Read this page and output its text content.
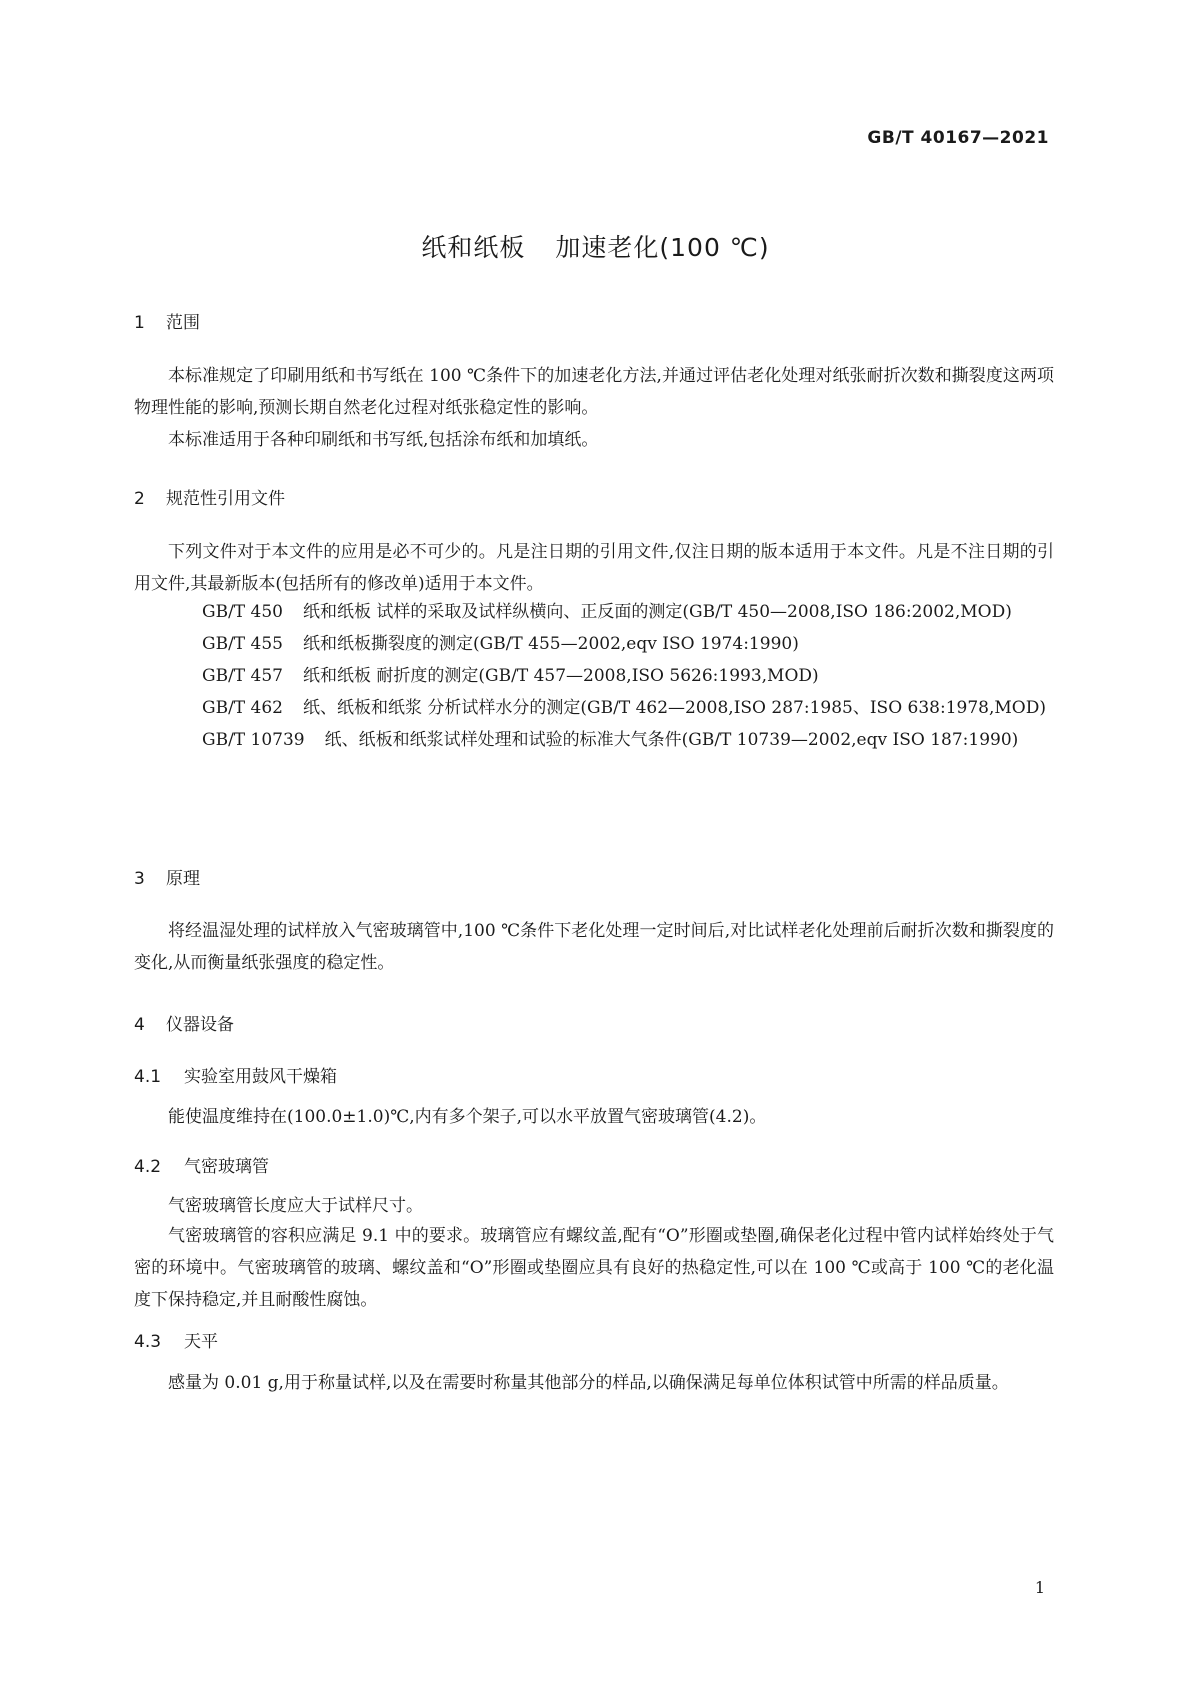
GB/T 40167—2021
纸和纸板 加速老化(100 ℃)
1 范围

本标准规定了印刷用纸和书写纸在 100 ℃条件下的加速老化方法,并通过评估老化处理对纸张耐折次数和撕裂度这两项物理性能的影响,预测长期自然老化过程对纸张稳定性的影响。

本标准适用于各种印刷纸和书写纸,包括涂布纸和加填纸。

2 规范性引用文件

下列文件对于本文件的应用是必不可少的。凡是注日期的引用文件,仅注日期的版本适用于本文件。凡是不注日期的引用文件,其最新版本(包括所有的修改单)适用于本文件。

GB/T 450 纸和纸板 试样的采取及试样纵横向、正反面的测定(GB/T 450—2008,ISO 186:2002,MOD)

GB/T 455 纸和纸板撕裂度的测定(GB/T 455—2002,eqv ISO 1974:1990)

GB/T 457 纸和纸板 耐折度的测定(GB/T 457—2008,ISO 5626:1993,MOD)

GB/T 462 纸、纸板和纸浆 分析试样水分的测定(GB/T 462—2008,ISO 287:1985、ISO 638:1978,MOD)

GB/T 10739 纸、纸板和纸浆试样处理和试验的标准大气条件(GB/T 10739—2002,eqv ISO 187:1990)

3 原理

将经温湿处理的试样放入气密玻璃管中,100 ℃条件下老化处理一定时间后,对比试样老化处理前后耐折次数和撕裂度的变化,从而衡量纸张强度的稳定性。

4 仪器设备
4.1 实验室用鼓风干燥箱

能使温度维持在(100.0±1.0)℃,内有多个架子,可以水平放置气密玻璃管(4.2)。

4.2 气密玻璃管

气密玻璃管长度应大于试样尺寸。

气密玻璃管的容积应满足 9.1 中的要求。玻璃管应有螺纹盖,配有“O”形圈或垫圈,确保老化过程中管内试样始终处于气密的环境中。气密玻璃管的玻璃、螺纹盖和“O”形圈或垫圈应具有良好的热稳定性,可以在 100 ℃或高于 100 ℃的老化温度下保持稳定,并且耐酸性腐蚀。

4.3 天平

感量为 0.01 g,用于称量试样,以及在需要时称量其他部分的样品,以确保满足每单位体积试管中所需的样品质量。

1
